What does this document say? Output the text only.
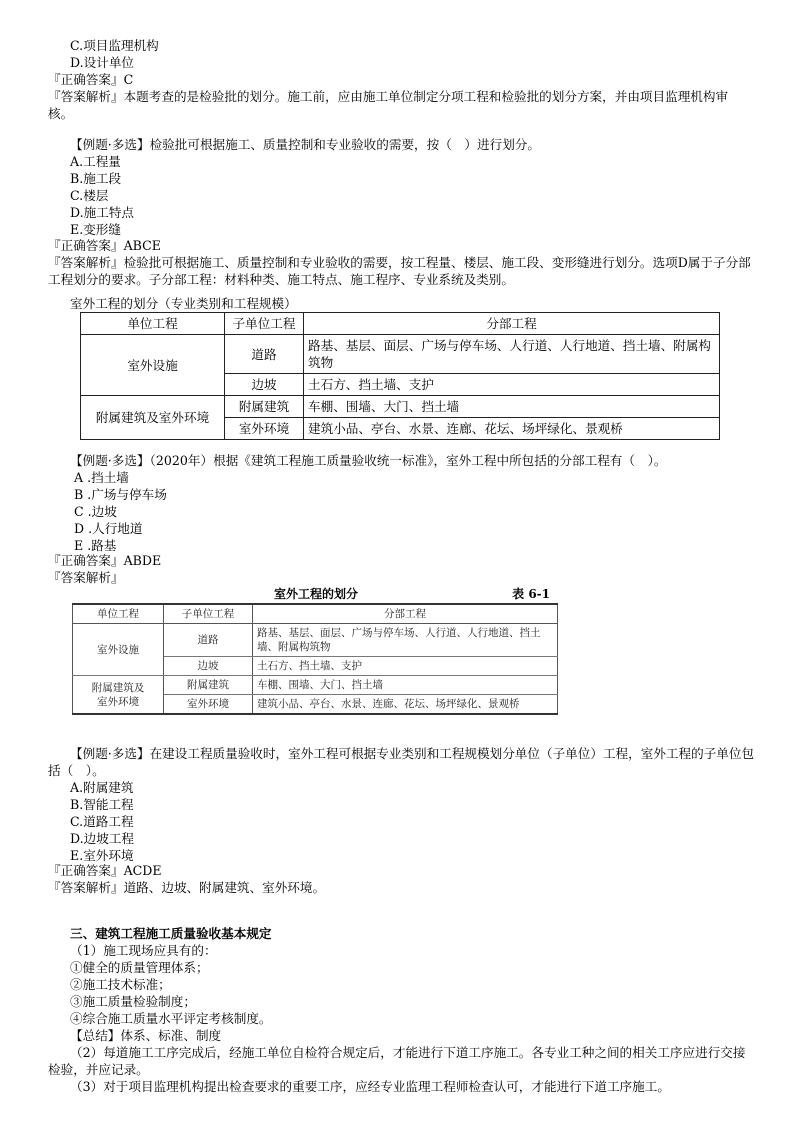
C.项目监理机构
D.设计单位
『正确答案』C
『答案解析』本题考查的是检验批的划分。施工前，应由施工单位制定分项工程和检验批的划分方案，并由项目监理机构审核。
【例题·多选】检验批可根据施工、质量控制和专业验收的需要，按（　）进行划分。
A.工程量
B.施工段
C.楼层
D.施工特点
E.变形缝
『正确答案』ABCE
『答案解析』检验批可根据施工、质量控制和专业验收的需要，按工程量、楼层、施工段、变形缝进行划分。选项D属于子分部工程划分的要求。子分部工程：材料种类、施工特点、施工程序、专业系统及类别。
室外工程的划分（专业类别和工程规模）
单位工程	子单位工程	分部工程
室外设施	道路	路基、基层、面层、广场与停车场、人行道、人行地道、挡土墙、附属构筑物
	边坡	土石方、挡土墙、支护
附属建筑及室外环境	附属建筑	车棚、围墙、大门、挡土墙
	室外环境	建筑小品、亭台、水景、连廊、花坛、场坪绿化、景观桥
【例题·多选】（2020年）根据《建筑工程施工质量验收统一标准》，室外工程中所包括的分部工程有（　）。
A .挡土墙
B .广场与停车场
C .边坡
D .人行地道
E .路基
『正确答案』ABDE
『答案解析』
室外工程的划分	表 6-1
单位工程	子单位工程	分部工程
室外设施	道路	路基、基层、面层、广场与停车场、人行道、人行地道、挡土墙、附属构筑物
	边坡	土石方、挡土墙、支护
附属建筑及
室外环境	附属建筑	车棚、围墙、大门、挡土墙
	室外环境	建筑小品、亭台、水景、连廊、花坛、场坪绿化、景观桥
【例题·多选】在建设工程质量验收时，室外工程可根据专业类别和工程规模划分单位（子单位）工程，室外工程的子单位包括（　）。
A.附属建筑
B.智能工程
C.道路工程
D.边坡工程
E.室外环境
『正确答案』ACDE
『答案解析』道路、边坡、附属建筑、室外环境。
三、建筑工程施工质量验收基本规定
（1）施工现场应具有的：
①健全的质量管理体系；
②施工技术标准；
③施工质量检验制度；
④综合施工质量水平评定考核制度。
【总结】体系、标准、制度
（2）每道施工工序完成后，经施工单位自检符合规定后，才能进行下道工序施工。各专业工种之间的相关工序应进行交接检验，并应记录。
（3）对于项目监理机构提出检查要求的重要工序，应经专业监理工程师检查认可，才能进行下道工序施工。
